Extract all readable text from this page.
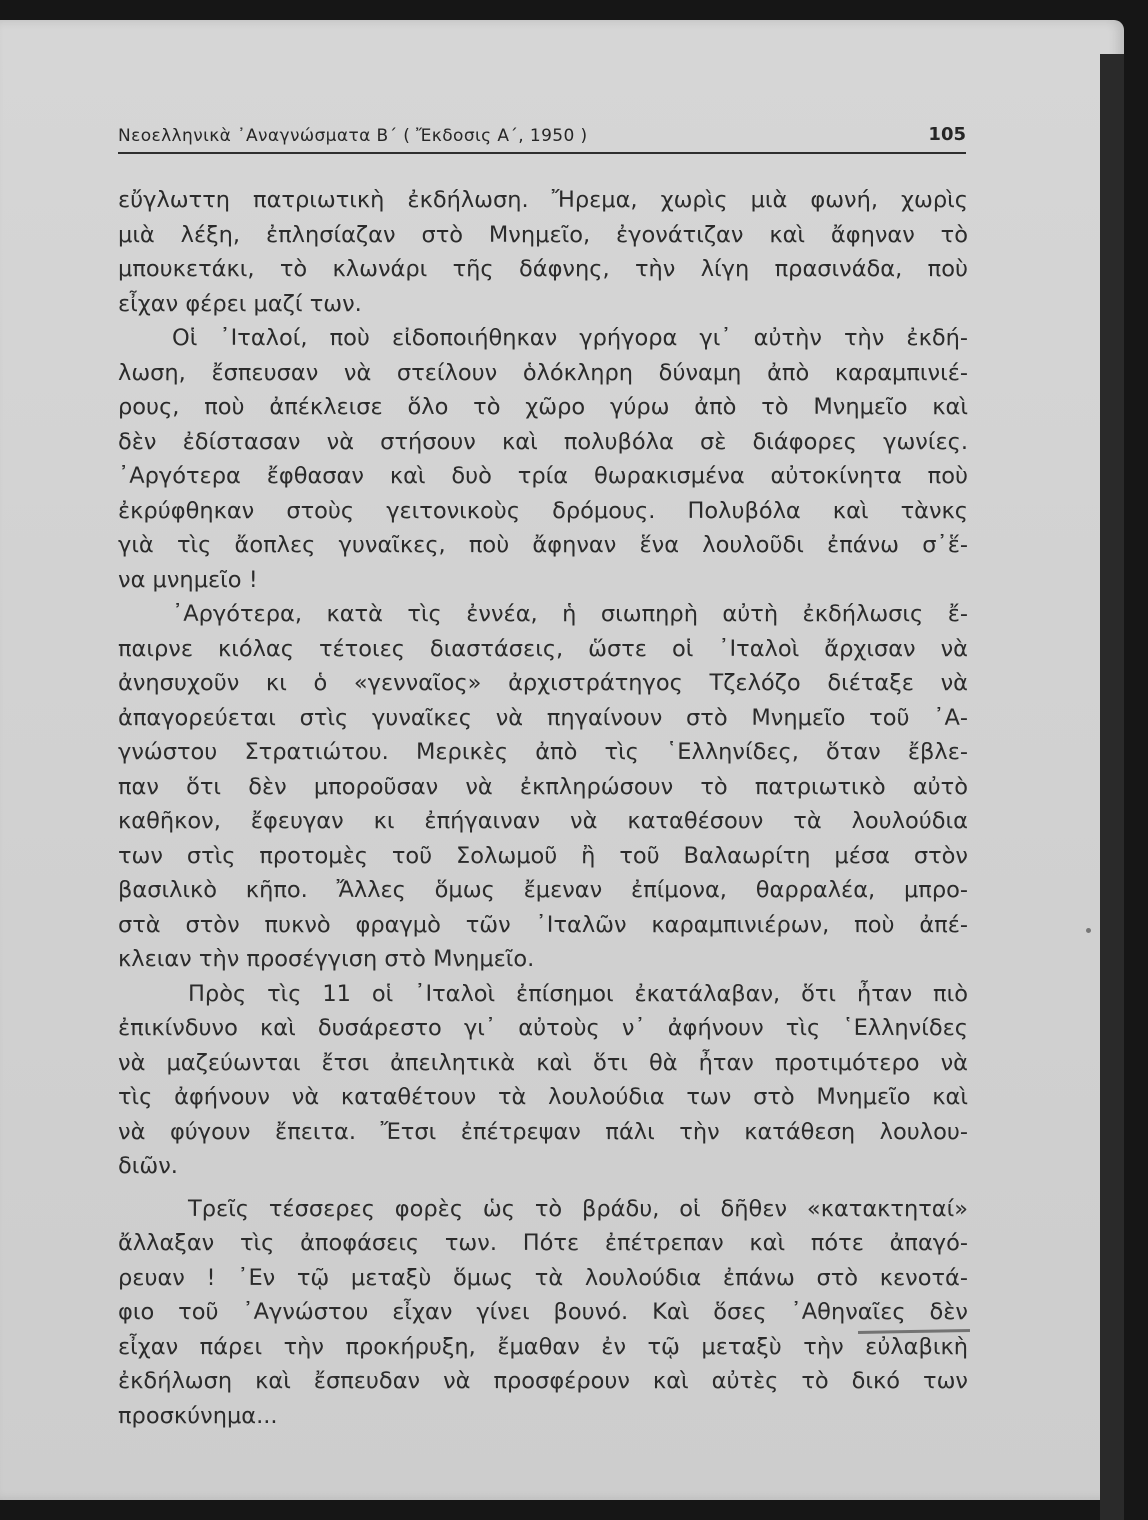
Νεοελληνικὰ ᾿Αναγνώσματα Β΄ ( Ἔκδοσις Α΄, 1950 )	105
εὔγλωττη πατριωτικὴ ἐκδήλωση. Ἤρεμα, χωρὶς μιὰ φωνή, χωρὶς
μιὰ λέξη, ἐπλησίαζαν στὸ Μνημεῖο, ἐγονάτιζαν καὶ ἄφηναν τὸ
μπουκετάκι, τὸ κλωνάρι τῆς δάφνης, τὴν λίγη πρασινάδα, ποὺ
εἶχαν φέρει μαζί των.
Οἱ ᾿Ιταλοί, ποὺ εἰδοποιήθηκαν γρήγορα γι᾿ αὐτὴν τὴν ἐκδή-
λωση, ἔσπευσαν νὰ στείλουν ὁλόκληρη δύναμη ἀπὸ καραμπινιέ-
ρους, ποὺ ἀπέκλεισε ὅλο τὸ χῶρο γύρω ἀπὸ τὸ Μνημεῖο καὶ
δὲν ἐδίστασαν νὰ στήσουν καὶ πολυβόλα σὲ διάφορες γωνίες.
᾿Αργότερα ἔφθασαν καὶ δυὸ τρία θωρακισμένα αὐτοκίνητα ποὺ
ἐκρύφθηκαν στοὺς γειτονικοὺς δρόμους. Πολυβόλα καὶ τὰνκς
γιὰ τὶς ἄοπλες γυναῖκες, ποὺ ἄφηναν ἕνα λουλοῦδι ἐπάνω σ᾿ἕ-
να μνημεῖο !
᾿Αργότερα, κατὰ τὶς ἐννέα, ἡ σιωπηρὴ αὐτὴ ἐκδήλωσις ἔ-
παιρνε κιόλας τέτοιες διαστάσεις, ὥστε οἱ ᾿Ιταλοὶ ἄρχισαν νὰ
ἀνησυχοῦν κι ὁ «γενναῖος» ἀρχιστράτηγος Τζελόζο διέταξε νὰ
ἀπαγορεύεται στὶς γυναῖκες νὰ πηγαίνουν στὸ Μνημεῖο τοῦ ᾿Α-
γνώστου Στρατιώτου. Μερικὲς ἀπὸ τὶς ῾Ελληνίδες, ὅταν ἔβλε-
παν ὅτι δὲν μποροῦσαν νὰ ἐκπληρώσουν τὸ πατριωτικὸ αὐτὸ
καθῆκον, ἔφευγαν κι ἐπήγαιναν νὰ καταθέσουν τὰ λουλούδια
των στὶς προτομὲς τοῦ Σολωμοῦ ἢ τοῦ Βαλαωρίτη μέσα στὸν
βασιλικὸ κῆπο. Ἄλλες ὅμως ἔμεναν ἐπίμονα, θαρραλέα, μπρο-
στὰ στὸν πυκνὸ φραγμὸ τῶν ᾿Ιταλῶν καραμπινιέρων, ποὺ ἀπέ-
κλειαν τὴν προσέγγιση στὸ Μνημεῖο.
Πρὸς τὶς 11 οἱ ᾿Ιταλοὶ ἐπίσημοι ἐκατάλαβαν, ὅτι ἦταν πιὸ
ἐπικίνδυνο καὶ δυσάρεστο γι᾿ αὐτοὺς ν᾿ ἀφήνουν τὶς ῾Ελληνίδες
νὰ μαζεύωνται ἔτσι ἀπειλητικὰ καὶ ὅτι θὰ ἦταν προτιμότερο νὰ
τὶς ἀφήνουν νὰ καταθέτουν τὰ λουλούδια των στὸ Μνημεῖο καὶ
νὰ φύγουν ἔπειτα. Ἔτσι ἐπέτρεψαν πάλι τὴν κατάθεση λουλου-
διῶν.
Τρεῖς τέσσερες φορὲς ὡς τὸ βράδυ, οἱ δῆθεν «κατακτηταί»
ἄλλαξαν τὶς ἀποφάσεις των. Πότε ἐπέτρεπαν καὶ πότε ἀπαγό-
ρευαν ! ᾿Εν τῷ μεταξὺ ὅμως τὰ λουλούδια ἐπάνω στὸ κενοτά-
φιο τοῦ ᾿Αγνώστου εἶχαν γίνει βουνό. Καὶ ὅσες ᾿Αθηναῖες δὲν
εἶχαν πάρει τὴν προκήρυξη, ἔμαθαν ἐν τῷ μεταξὺ τὴν εὐλαβικὴ
ἐκδήλωση καὶ ἔσπευδαν νὰ προσφέρουν καὶ αὐτὲς τὸ δικό των
προσκύνημα...
